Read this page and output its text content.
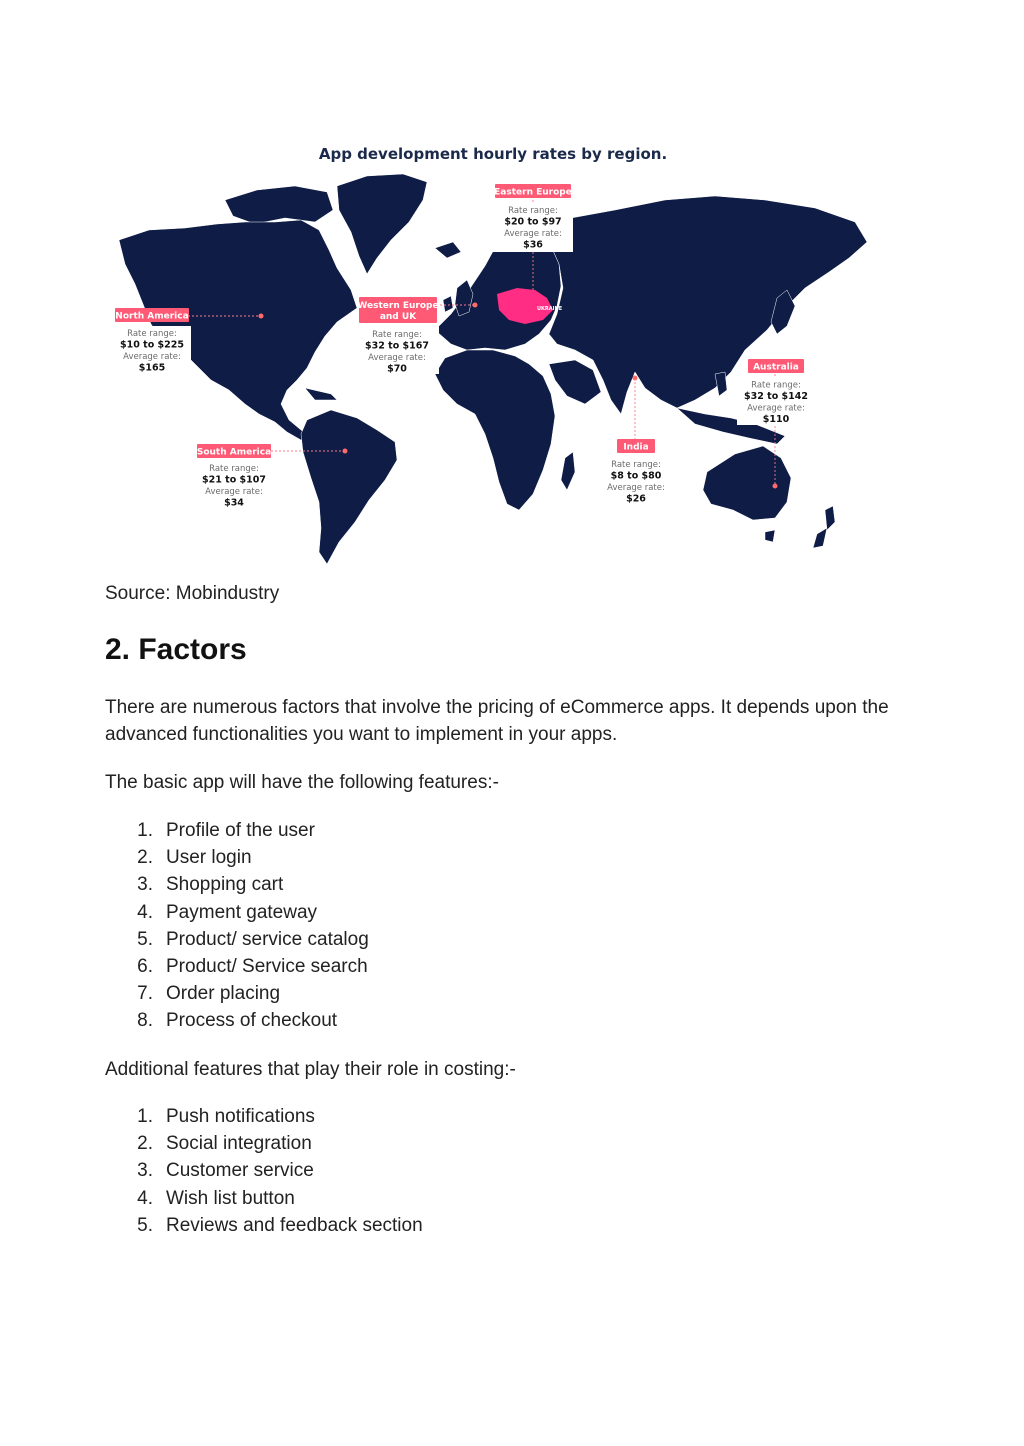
App development hourly rates by region.
UKRAINE
Eastern Europe
Rate range:
$20 to $97
Average rate:
$36
North America
Rate range:
$10 to $225
Average rate:
$165
Western Europe
and UK
Rate range:
$32 to $167
Average rate:
$70	Australia
Rate range:
$32 to $142
Average rate:
$110
South America
Rate range:
$21 to $107
Average rate:
$34
India
Rate range:
$8 to $80
Average rate:
$26

Source: Mobindustry

2. Factors

There are numerous factors that involve the pricing of eCommerce apps. It depends upon the advanced functionalities you want to implement in your apps.

The basic app will have the following features:-

1. Profile of the user
2. User login
3. Shopping cart
4. Payment gateway
5. Product/ service catalog
6. Product/ Service search
7. Order placing
8. Process of checkout

Additional features that play their role in costing:-

1. Push notifications
2. Social integration
3. Customer service
4. Wish list button
5. Reviews and feedback section
